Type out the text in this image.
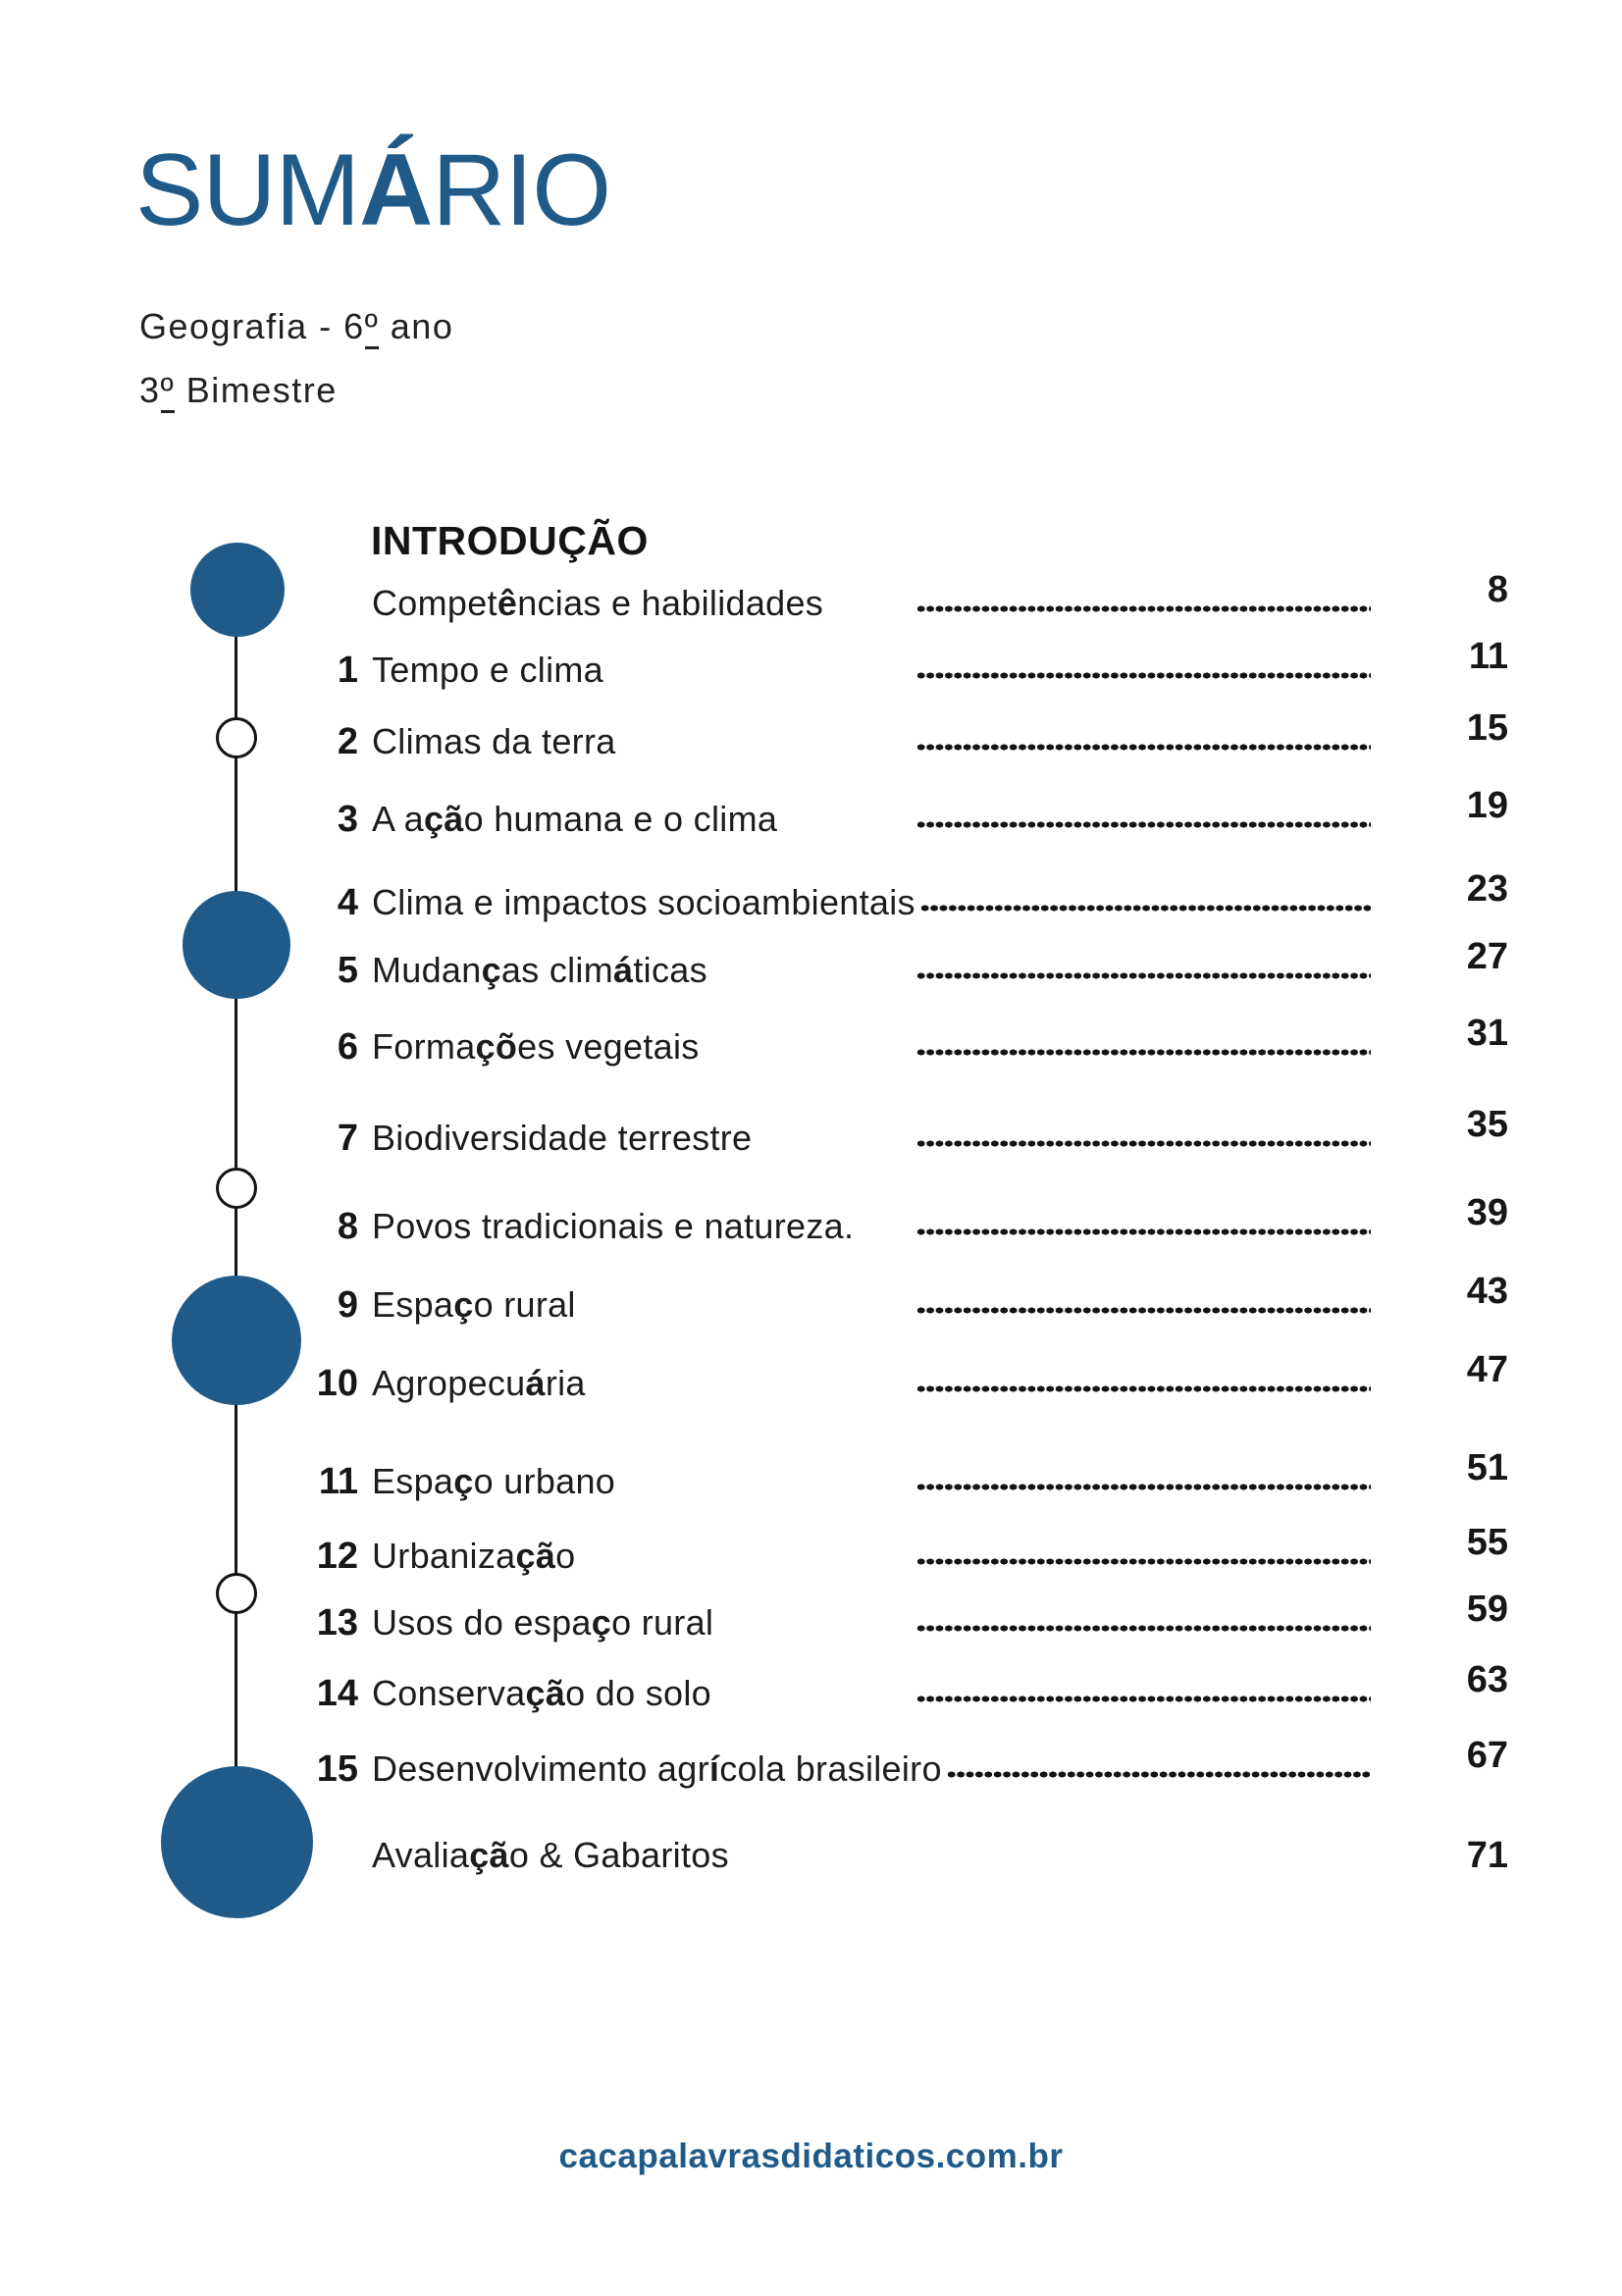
SUMÁRIO
Geografia - 6º ano
3º Bimestre
INTRODUÇÃO
Competências e habilidades	8
1 Tempo e clima	11
2 Climas da terra	15
3 A ação humana e o clima	19
4 Clima e impactos socioambientais	23
5 Mudanças climáticas	27
6 Formações vegetais	31
7 Biodiversidade terrestre	35
8 Povos tradicionais e natureza.	39
9 Espaço rural	43
10 Agropecuária	47
11 Espaço urbano	51
12 Urbanização	55
13 Usos do espaço rural	59
14 Conservação do solo	63
15 Desenvolvimento agrícola brasileiro	67
Avaliação & Gabaritos	71
cacapalavrasdidaticos.com.br
